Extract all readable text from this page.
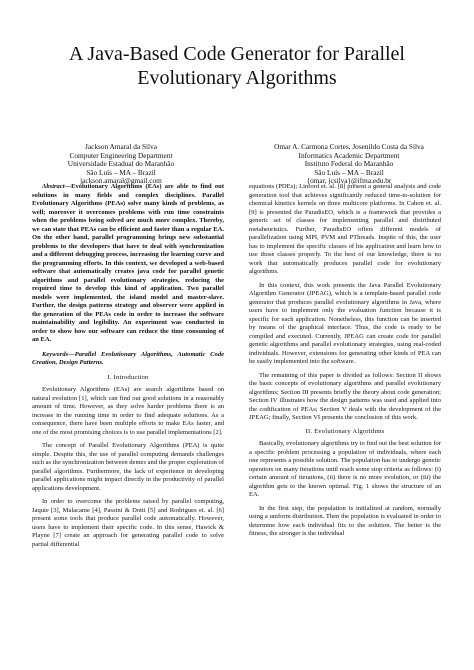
A Java-Based Code Generator for Parallel Evolutionary Algorithms
Jackson Amaral da Silva
Computer Engineering Department
Universidade Estadual do Maranhão
São Luís – MA – Brazil
jackson.amaral@gmail.com
Omar A. Carmona Cortes, Josenildo Costa da Silva
Informatics Academic Department
Instituto Federal do Maranhão
São Luís – MA – Brazil
{omar, jcsilva}@ifma.edu.br

Abstract—Evolutionary Algorithms (EAs) are able to find out solutions in many fields and complex disciplines. Parallel Evolutionary Algorithms (PEAs) solve many kinds of problems, as well; moreover it overcomes problems with run time constraints when the problems being solved are much more complex. Thereby, we can state that PEAs can be efficient and faster than a regular EA. On the other hand, parallel programming brings new substantial problems to the developers that have to deal with synchronization and a different debugging process, increasing the learning curve and the programming efforts. In this context, we developed a web-based software that automatically creates java code for parallel genetic algorithms and parallel evolutionary strategies, reducing the required time to develop this kind of application. Two parallel models were implemented, the island model and master-slave. Further, the design patterns strategy and observer were applied in the generation of the PEAs code in order to increase the software maintainability and legibility. An experiment was conducted in order to show how our software can reduce the time consuming of an EA.

Keywords—Parallel Evolutionary Algorithms, Automatic Code Creation, Design Patterns.

I. Introduction

Evolutionary Algorithms (EAs) are search algorithms based on natural evolution [1], which can find out good solutions in a reasonably amount of time. However, as they solve harder problems there is an increase in the running time in order to find adequate solutions. As a consequence, there have been multiple efforts to make EAs faster, and one of the most promising choices is to use parallel implementations [2].

The concept of Parallel Evolutionary Algorithms (PEA) is quite simple. Despite this, the use of parallel computing demands challenges such as the synchronization between demes and the proper exploration of parallel algorithms. Furthermore, the lack of experience in developing parallel applications might impact directly in the productivity of parallel applications development.

In order to overcome the problems raised by parallel computing, Jaquie [3], Malacame [4], Passini & Dotti [5] and Rodrigues et. al. [6] present some tools that produce parallel code automatically. However, users have to implement their specific code. In this sense, Hawick & Playne [7] create an approach for generating parallel code to solve partial differential

equations (PDEs); Linford et. al. [8] present a general analysis and code generation tool that achieves significantly reduced time-to-solution for chemical kinetics kernels on three multicore platforms. In Cahon et. al. [9] is presented the ParadisEO, which is a framework that provides a generic set of classes for implementing parallel and distributed metaheuristics. Further, ParadisEO offers different models of parallelization using MPI, PVM and PThreads. Inspite of this, the user has to implement the specific classes of his application and learn how to use those classes properly. To the best of our knowledge, there is no work that automatically produces parallel code for evolutionary algorithms.

In this context, this work presents the Java Parallel Evolutionary Algorithm Generator (JPEAG), which is a template-based parallel code generator that produces parallel evolutionary algorithms in Java, where users have to implement only the evaluation function because it is specific for each application. Nonetheless, this function can be inserted by means of the graphical interface. Thus, the code is ready to be compiled and executed. Currently, JPEAG can create code for parallel genetic algorithms and parallel evolutionary strategies, using real-coded individuals. However, extensions for generating other kinds of PEA can be easily implemented into the software.

The remaining of this paper is divided as follows: Section II shows the basic concepts of evolutionary algorithms and parallel evolutionary algorithms; Section III presents briefly the theory about code generation; Section IV illustrates how the design patterns was used and applied into the codification of PEAs; Section V deals with the development of the JPEAG; finally, Section VI presents the conclusion of this work.

II. Evolutionary Algorithms

Basically, evolutionary algorithms try to find out the best solution for a specific problem processing a population of individuals, where each one represents a possible solution. The population has to undergo genetic operators on many iterations until reach some stop criteria as follows: (i) certain amount of iterations, (ii) there is no more evolution, or (iii) the algorithm gets to the known optimal. Fig. 1 shows the structure of an EA.

In the first step, the population is initialized at random, normally using a uniform distribution. Then the population is evaluated in order to determine how each individual fits to the solution. The better is the fitness, the stronger is the individual
